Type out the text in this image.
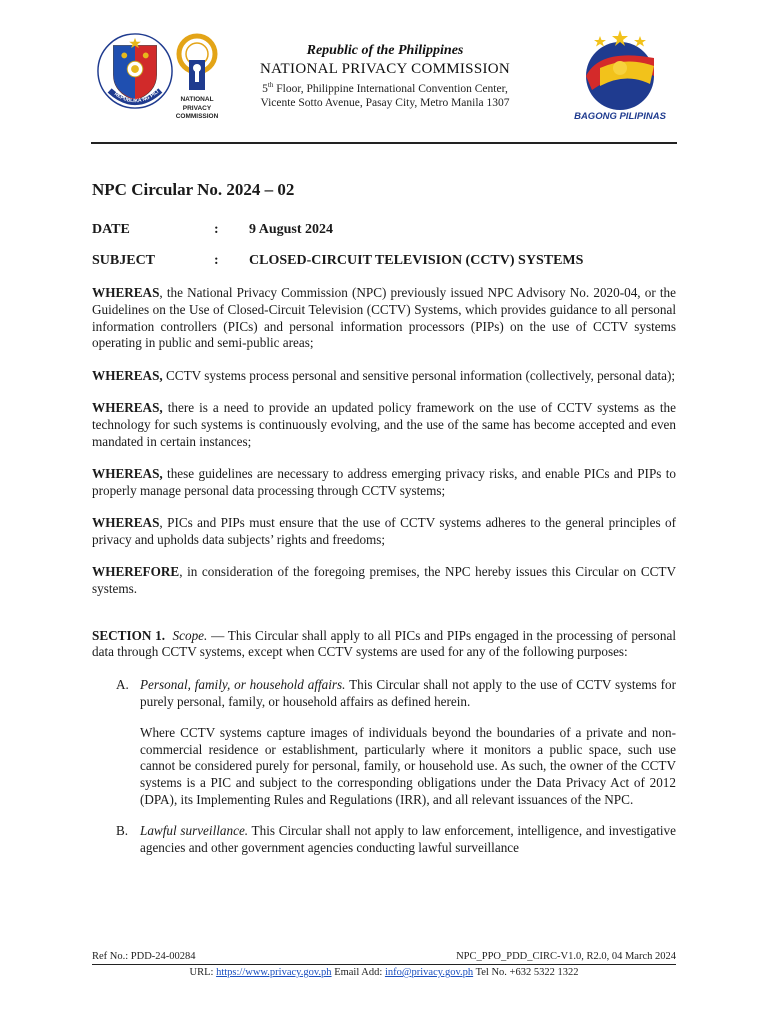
REPUBLIKA NG PILI
NATIONAL
PRIVACY
COMMISSION
Republic of the Philippines
NATIONAL PRIVACY COMMISSION
5th Floor, Philippine International Convention Center,
Vicente Sotto Avenue, Pasay City, Metro Manila 1307
BAGONG PILIPINAS
NPC Circular No. 2024 – 02
DATE	:	9 August 2024
SUBJECT	:	CLOSED-CIRCUIT TELEVISION (CCTV) SYSTEMS

WHEREAS, the National Privacy Commission (NPC) previously issued NPC Advisory No. 2020-04, or the Guidelines on the Use of Closed-Circuit Television (CCTV) Systems, which provides guidance to all personal information controllers (PICs) and personal information processors (PIPs) on the use of CCTV systems operating in public and semi-public areas;

WHEREAS, CCTV systems process personal and sensitive personal information (collectively, personal data);

WHEREAS, there is a need to provide an updated policy framework on the use of CCTV systems as the technology for such systems is continuously evolving, and the use of the same has become accepted and even mandated in certain instances;

WHEREAS, these guidelines are necessary to address emerging privacy risks, and enable PICs and PIPs to properly manage personal data processing through CCTV systems;

WHEREAS, PICs and PIPs must ensure that the use of CCTV systems adheres to the general principles of privacy and upholds data subjects’ rights and freedoms;

WHEREFORE, in consideration of the foregoing premises, the NPC hereby issues this Circular on CCTV systems.

SECTION 1. Scope. — This Circular shall apply to all PICs and PIPs engaged in the processing of personal data through CCTV systems, except when CCTV systems are used for any of the following purposes:

A. Personal, family, or household affairs. This Circular shall not apply to the use of CCTV systems for purely personal, family, or household affairs as defined herein.

Where CCTV systems capture images of individuals beyond the boundaries of a private and non-commercial residence or establishment, particularly where it monitors a public space, such use cannot be considered purely for personal, family, or household use. As such, the owner of the CCTV systems is a PIC and subject to the corresponding obligations under the Data Privacy Act of 2012 (DPA), its Implementing Rules and Regulations (IRR), and all relevant issuances of the NPC.

B. Lawful surveillance. This Circular shall not apply to law enforcement, intelligence, and investigative agencies and other government agencies conducting lawful surveillance

Ref No.: PDD-24-00284	NPC_PPO_PDD_CIRC-V1.0, R2.0, 04 March 2024
URL: https://www.privacy.gov.ph Email Add: info@privacy.gov.ph Tel No. +632 5322 1322
